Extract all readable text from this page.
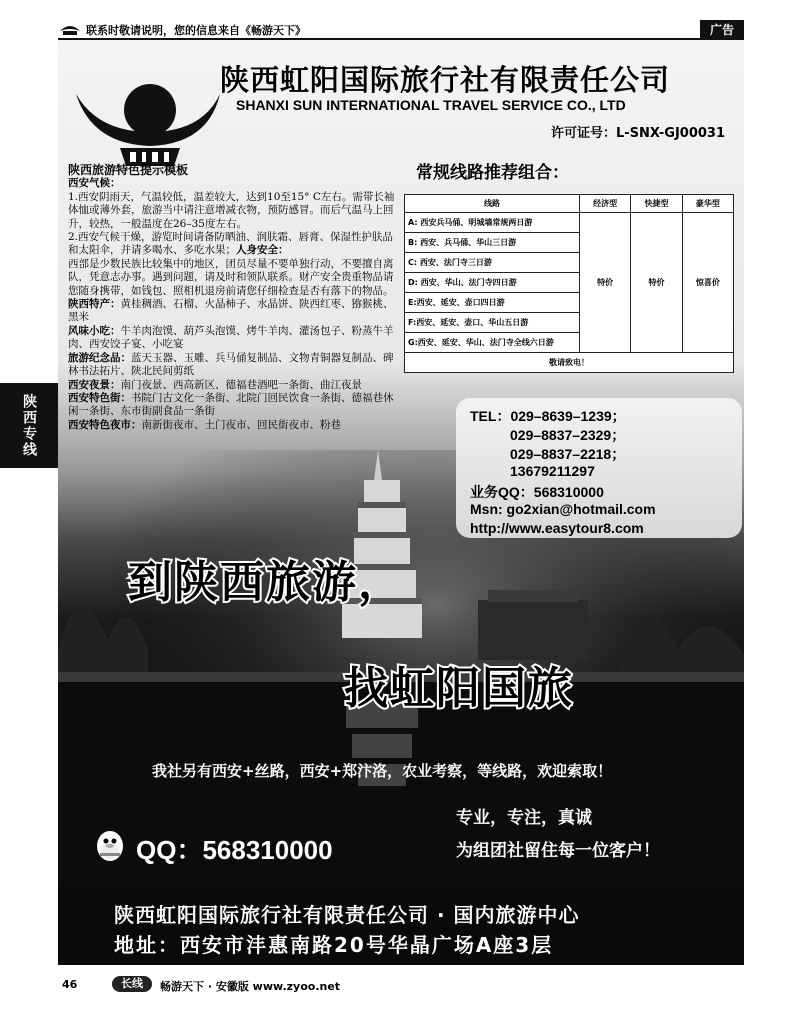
联系时敬请说明，您的信息来自《畅游天下》	广告
陕西专线
陕西虹阳国际旅行社有限责任公司
SHANXI SUN INTERNATIONAL TRAVEL SERVICE CO., LTD
许可证号：L-SNX-GJ00031

陕西旅游特色提示模板

西安气候：

1.西安阴雨天，气温较低，温差较大，达到10至15° C左右。需带长袖体恤或薄外套，旅游当中请注意增减衣物，预防感冒。而后气温马上回升，较热，一般温度在26–35度左右。

2.西安气候干燥，游览时间请备防晒油、润肤霜、唇膏、保湿性护肤品和太阳伞，并请多喝水、多吃水果；人身安全：

西部是少数民族比较集中的地区，团员尽量不要单独行动，不要擅自离队，凭意志办事。遇到问题，请及时和领队联系。财产安全贵重物品请您随身携带，如钱包、照相机退房前请您仔细检查是否有落下的物品。

陕西特产：黄桂稠酒、石榴、火晶柿子、水晶饼、陕西红枣、猕猴桃、黑米

风味小吃：牛羊肉泡馍、葫芦头泡馍、烤牛羊肉、灌汤包子、粉蒸牛羊肉、西安饺子宴、小吃宴

旅游纪念品：蓝天玉器、玉雕、兵马俑复制品、文物青铜器复制品、碑林书法拓片、陕北民间剪纸

西安夜景：南门夜景、西高新区、德福巷酒吧一条街、曲江夜景

西安特色街：书院门古文化一条街、北院门回民饮食一条街、德福巷休闲一条街、东市街副食品一条街

西安特色夜市：南新街夜市、土门夜市、回民街夜市、粉巷

常规线路推荐组合：
线路	经济型	快捷型	豪华型
A: 西安兵马俑、明城墙常规两日游	特价	特价	惊喜价
B: 西安、兵马俑、华山三日游			
C: 西安、法门寺三日游			
D: 西安、华山、法门寺四日游			
E:西安、延安、壶口四日游			
F:西安、延安、壶口、华山五日游			
G:西安、延安、华山、法门寺全线六日游			
敬请致电！			
TEL：029–8639–1239；
029–8837–2329；
029–8837–2218；
13679211297
业务QQ：568310000
Msn: go2xian@hotmail.com
http://www.easytour8.com
到陕西旅游，
找虹阳国旅
我社另有西安+丝路，西安+郑汴洛，农业考察，等线路，欢迎索取！
专业，专注，真诚
为组团社留住每一位客户！
QQ：568310000
陕西虹阳国际旅行社有限责任公司 · 国内旅游中心
地址：西安市沣惠南路20号华晶广场A座3层
46	长线	畅游天下 · 安徽版 www.zyoo.net
